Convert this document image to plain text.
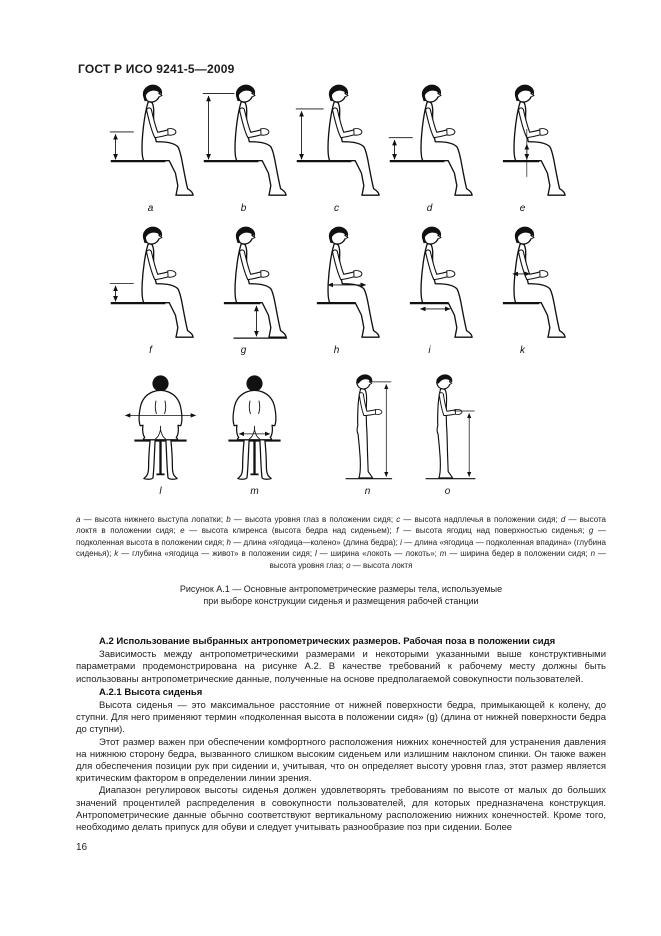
ГОСТ Р ИСО 9241-5—2009
a	b	c	d	e
f	g	h	i	k
l	m	n	o
a — высота нижнего выступа лопатки; b — высота уровня глаз в положении сидя; c — высота надплечья в положении сидя; d — высота локтя в положении сидя; e — высота клиренса (высота бедра над сиденьем); f — высота ягодиц над поверхностью сиденья; g — подколенная высота в положении сидя; h — длина «ягодица—колено» (длина бедра); i — длина «ягодица — подколенная впадина» (глубина сиденья); k — глубина «ягодица — живот» в положении сидя; l — ширина «локоть — локоть»; m — ширина бедер в положении сидя; n — высота уровня глаз; o — высота локтя
Рисунок А.1 — Основные антропометрические размеры тела, используемые
при выборе конструкции сиденья и размещения рабочей станции
А.2 Использование выбранных антропометрических размеров. Рабочая поза в положении сидя

Зависимость между антропометрическими размерами и некоторыми указанными выше конструктивными параметрами продемонстрирована на рисунке А.2. В качестве требований к рабочему месту должны быть использованы антропометрические данные, полученные на основе предполагаемой совокупности пользователей.

А.2.1 Высота сиденья

Высота сиденья — это максимальное расстояние от нижней поверхности бедра, примыкающей к колену, до ступни. Для него применяют термин «подколенная высота в положении сидя» (g) (длина от нижней поверхности бедра до ступни).

Этот размер важен при обеспечении комфортного расположения нижних конечностей для устранения давления на нижнюю сторону бедра, вызванного слишком высоким сиденьем или излишним наклоном спинки. Он также важен для обеспечения позиции рук при сидении и, учитывая, что он определяет высоту уровня глаз, этот размер является критическим фактором в определении линии зрения.

Диапазон регулировок высоты сиденья должен удовлетворять требованиям по высоте от малых до больших значений процентилей распределения в совокупности пользователей, для которых предназначена конструкция. Антропометрические данные обычно соответствуют вертикальному расположению нижних конечностей. Кроме того, необходимо делать припуск для обуви и следует учитывать разнообразие поз при сидении. Более

16
